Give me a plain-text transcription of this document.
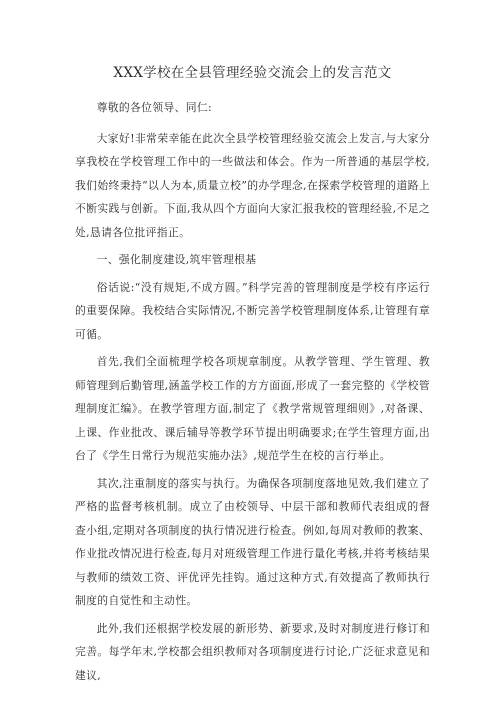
XXX学校在全县管理经验交流会上的发言范文
尊敬的各位领导、同仁:
大家好!非常荣幸能在此次全县学校管理经验交流会上发言,与大家分享我校在学校管理工作中的一些做法和体会。作为一所普通的基层学校,我们始终秉持“以人为本,质量立校”的办学理念,在探索学校管理的道路上不断实践与创新。下面,我从四个方面向大家汇报我校的管理经验,不足之处,恳请各位批评指正。
一、强化制度建设,筑牢管理根基
俗话说:“没有规矩,不成方圆。”科学完善的管理制度是学校有序运行的重要保障。我校结合实际情况,不断完善学校管理制度体系,让管理有章可循。
首先,我们全面梳理学校各项规章制度。从教学管理、学生管理、教师管理到后勤管理,涵盖学校工作的方方面面,形成了一套完整的《学校管理制度汇编》。在教学管理方面,制定了《教学常规管理细则》,对备课、上课、作业批改、课后辅导等教学环节提出明确要求;在学生管理方面,出台了《学生日常行为规范实施办法》,规范学生在校的言行举止。
其次,注重制度的落实与执行。为确保各项制度落地见效,我们建立了严格的监督考核机制。成立了由校领导、中层干部和教师代表组成的督查小组,定期对各项制度的执行情况进行检查。例如,每周对教师的教案、作业批改情况进行检查,每月对班级管理工作进行量化考核,并将考核结果与教师的绩效工资、评优评先挂钩。通过这种方式,有效提高了教师执行制度的自觉性和主动性。
此外,我们还根据学校发展的新形势、新要求,及时对制度进行修订和完善。每学年末,学校都会组织教师对各项制度进行讨论,广泛征求意见和建议,
